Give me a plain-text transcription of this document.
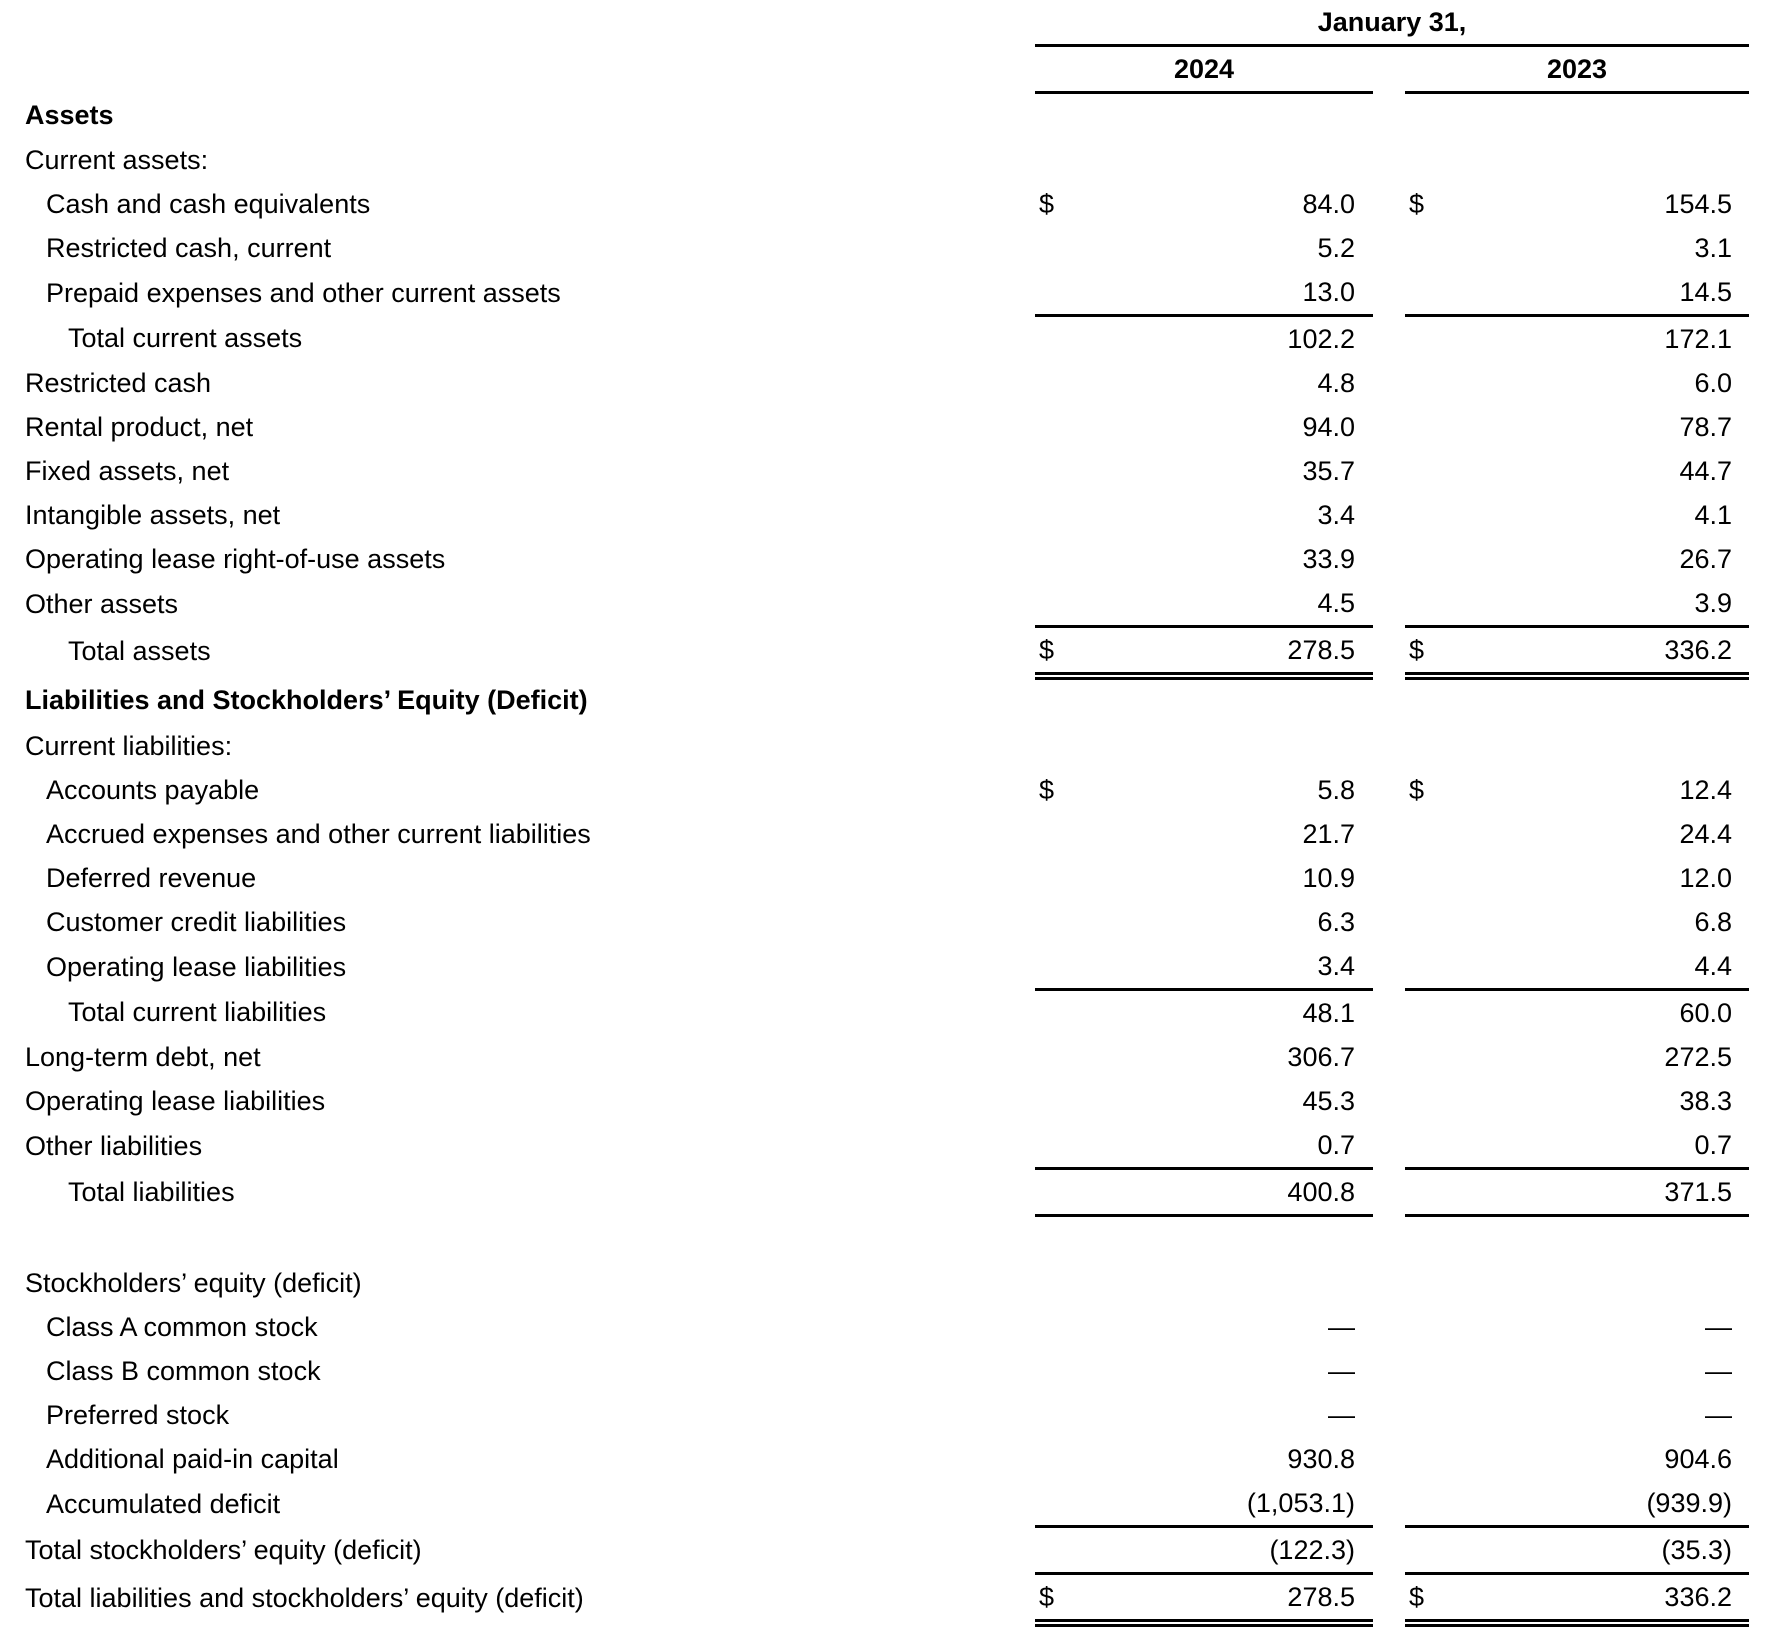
	January 31,		
	2024		2023
Assets			
Current assets:			
Cash and cash equivalents	$ 84.0		$ 154.5

Restricted cash, current	5.2		3.1

Prepaid expenses and other current assets	13.0		14.5

Total current assets	102.2		172.1

Restricted cash	4.8		6.0

Rental product, net	94.0		78.7

Fixed assets, net	35.7		44.7

Intangible assets, net	3.4		4.1

Operating lease right-of-use assets	33.9		26.7

Other assets	4.5		3.9

Total assets	$ 278.5		$ 336.2

Liabilities and Stockholders’ Equity (Deficit)			
Current liabilities:			
Accounts payable	$ 5.8		$ 12.4

Accrued expenses and other current liabilities	21.7		24.4

Deferred revenue	10.9		12.0

Customer credit liabilities	6.3		6.8

Operating lease liabilities	3.4		4.4

Total current liabilities	48.1		60.0

Long-term debt, net	306.7		272.5

Operating lease liabilities	45.3		38.3

Other liabilities	0.7		0.7

Total liabilities	400.8		371.5

Stockholders’ equity (deficit)			
Class A common stock	—		—

Class B common stock	—		—

Preferred stock	—		—

Additional paid-in capital	930.8		904.6

Accumulated deficit	(1,053.1)		(939.9)

Total stockholders’ equity (deficit)	(122.3)		(35.3)

Total liabilities and stockholders’ equity (deficit)	$ 278.5		$ 336.2
